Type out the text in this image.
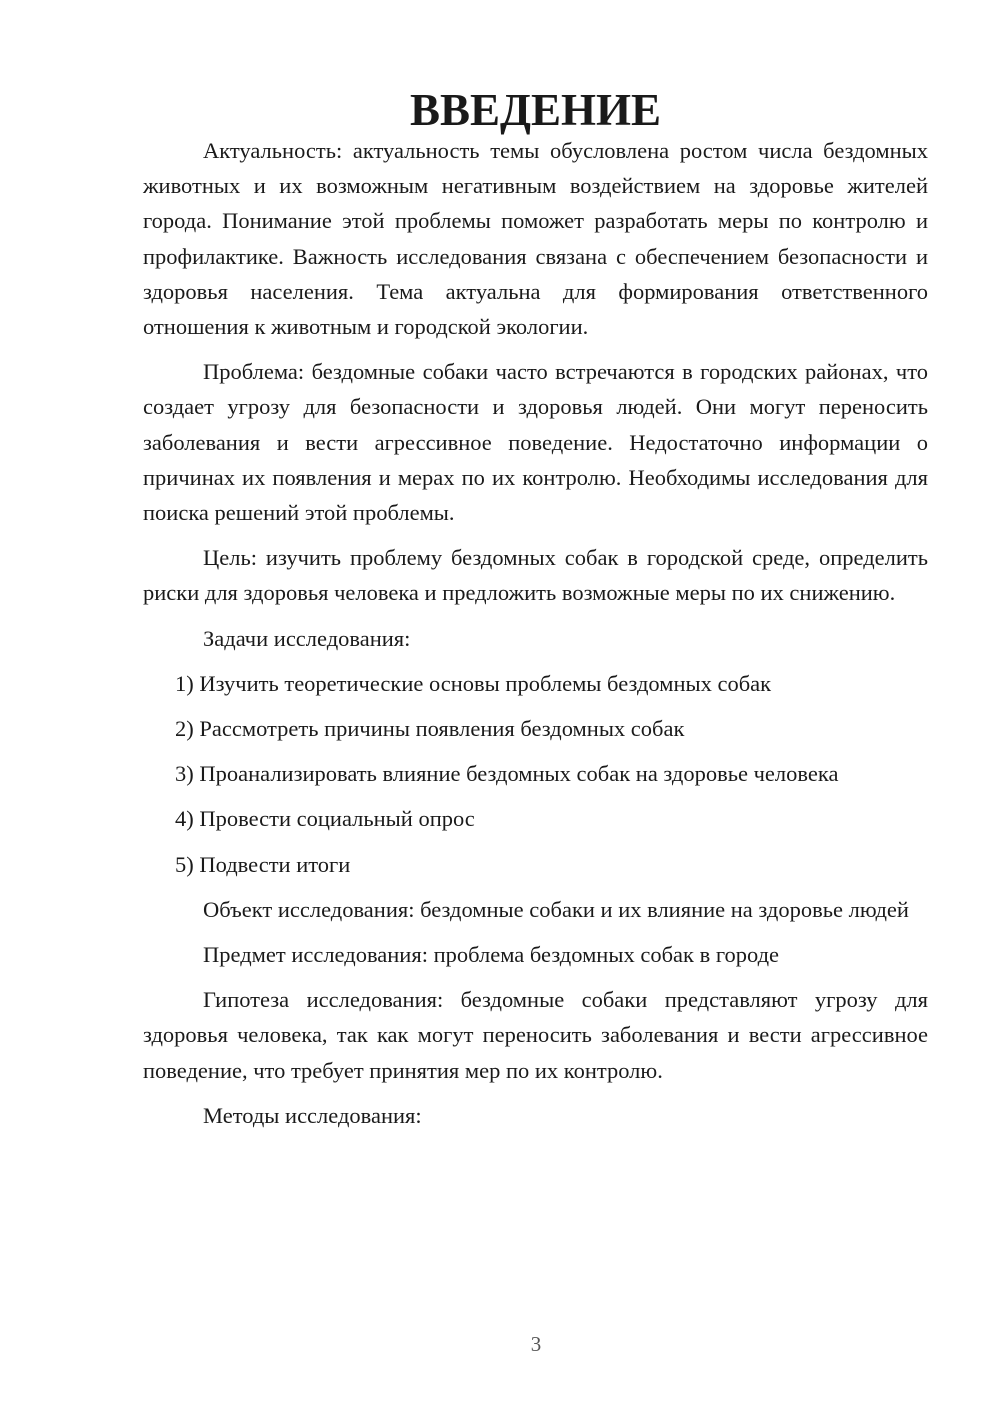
ВВЕДЕНИЕ

Актуальность: актуальность темы обусловлена ростом числа бездомных животных и их возможным негативным воздействием на здоровье жителей города. Понимание этой проблемы поможет разработать меры по контролю и профилактике. Важность исследования связана с обеспечением безопасности и здоровья населения. Тема актуальна для формирования ответственного отношения к животным и городской экологии.

Проблема: бездомные собаки часто встречаются в городских районах, что создает угрозу для безопасности и здоровья людей. Они могут переносить заболевания и вести агрессивное поведение. Недостаточно информации о причинах их появления и мерах по их контролю. Необходимы исследования для поиска решений этой проблемы.

Цель: изучить проблему бездомных собак в городской среде, определить риски для здоровья человека и предложить возможные меры по их снижению.

Задачи исследования:

1) Изучить теоретические основы проблемы бездомных собак
2) Рассмотреть причины появления бездомных собак
3) Проанализировать влияние бездомных собак на здоровье человека
4) Провести социальный опрос
5) Подвести итоги

Объект исследования: бездомные собаки и их влияние на здоровье людей

Предмет исследования: проблема бездомных собак в городе

Гипотеза исследования: бездомные собаки представляют угрозу для здоровья человека, так как могут переносить заболевания и вести агрессивное поведение, что требует принятия мер по их контролю.

Методы исследования:

3
